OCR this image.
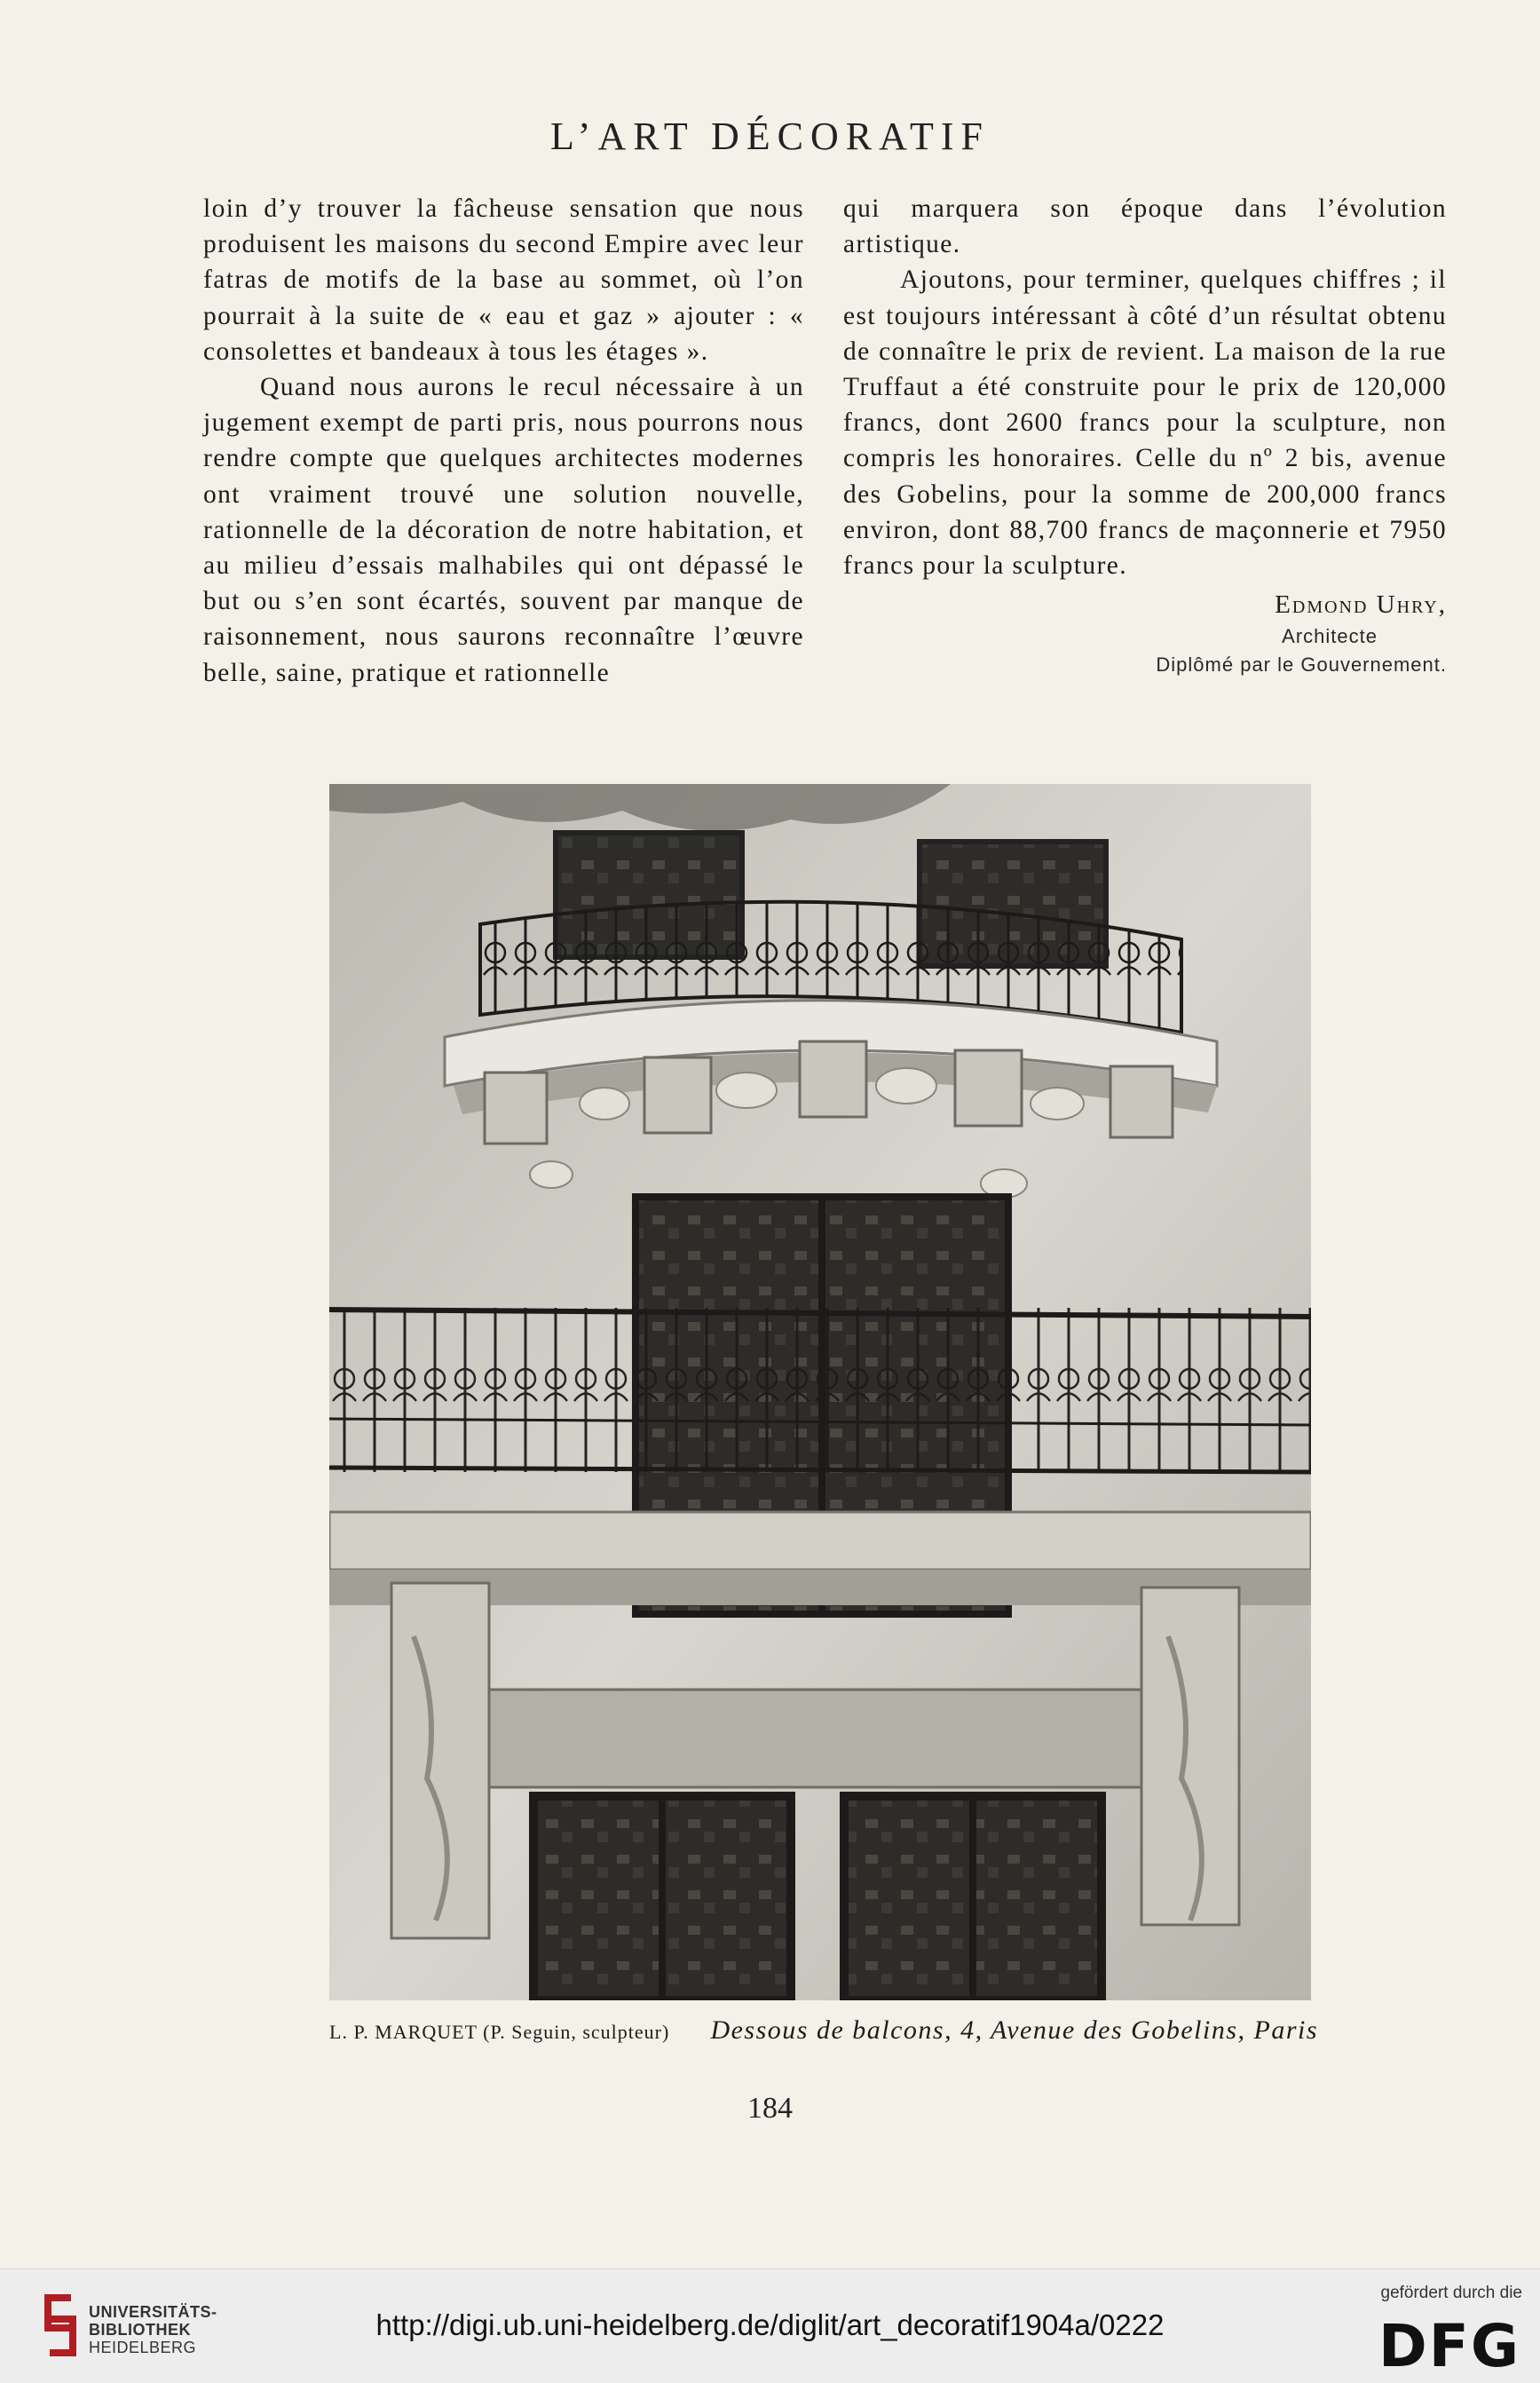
L’ART DÉCORATIF

loin d’y trouver la fâcheuse sensation que nous produisent les maisons du second Empire avec leur fatras de motifs de la base au sommet, où l’on pourrait à la suite de « eau et gaz » ajouter : « consolettes et bandeaux à tous les étages ».

Quand nous aurons le recul nécessaire à un jugement exempt de parti pris, nous pourrons nous rendre compte que quelques architectes modernes ont vraiment trouvé une solution nouvelle, rationnelle de la décoration de notre habitation, et au milieu d’essais malhabiles qui ont dépassé le but ou s’en sont écartés, souvent par manque de raisonnement, nous saurons reconnaître l’œuvre belle, saine, pratique et rationnelle

qui marquera son époque dans l’évolution artistique.

Ajoutons, pour terminer, quelques chiffres ; il est toujours intéressant à côté d’un résultat obtenu de connaître le prix de revient. La maison de la rue Truffaut a été construite pour le prix de 120,000 francs, dont 2600 francs pour la sculpture, non compris les honoraires. Celle du nº 2 bis, avenue des Gobelins, pour la somme de 200,000 francs environ, dont 88,700 francs de maçonnerie et 7950 francs pour la sculpture.

Edmond Uhry,
Architecte
Diplômé par le Gouvernement.
L. P. MARQUET (P. Seguin, sculpteur) Dessous de balcons, 4, Avenue des Gobelins, Paris
184
UNIVERSITÄTS-
BIBLIOTHEK
HEIDELBERG
http://digi.ub.uni-heidelberg.de/diglit/art_decoratif1904a/0222
gefördert durch die
DFG
